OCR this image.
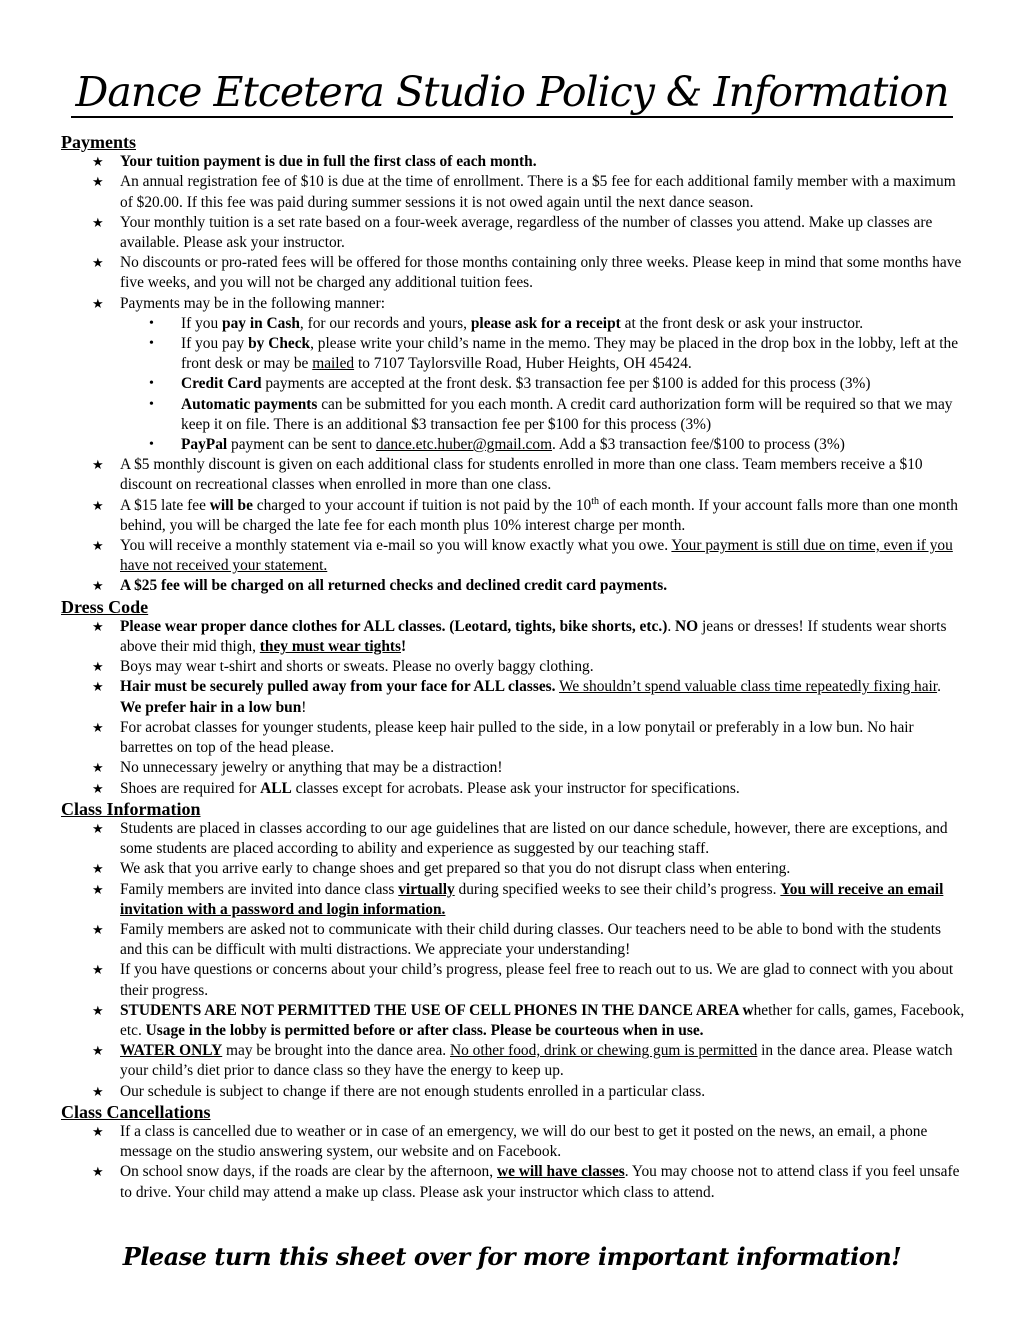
Dance Etcetera Studio Policy & Information
Payments
★ Your tuition payment is due in full the first class of each month.
★ An annual registration fee of $10 is due at the time of enrollment. There is a $5 fee for each additional family member with a maximum of $20.00. If this fee was paid during summer sessions it is not owed again until the next dance season.
★ Your monthly tuition is a set rate based on a four-week average, regardless of the number of classes you attend. Make up classes are available. Please ask your instructor.
★ No discounts or pro-rated fees will be offered for those months containing only three weeks. Please keep in mind that some months have five weeks, and you will not be charged any additional tuition fees.
★ Payments may be in the following manner:
• If you pay in Cash, for our records and yours, please ask for a receipt at the front desk or ask your instructor.
• If you pay by Check, please write your child’s name in the memo. They may be placed in the drop box in the lobby, left at the front desk or may be mailed to 7107 Taylorsville Road, Huber Heights, OH 45424.
• Credit Card payments are accepted at the front desk. $3 transaction fee per $100 is added for this process (3%)
• Automatic payments can be submitted for you each month. A credit card authorization form will be required so that we may keep it on file. There is an additional $3 transaction fee per $100 for this process (3%)
• PayPal payment can be sent to dance.etc.huber@gmail.com. Add a $3 transaction fee/$100 to process (3%)
★ A $5 monthly discount is given on each additional class for students enrolled in more than one class. Team members receive a $10 discount on recreational classes when enrolled in more than one class.
★ A $15 late fee will be charged to your account if tuition is not paid by the 10th of each month. If your account falls more than one month behind, you will be charged the late fee for each month plus 10% interest charge per month.
★ You will receive a monthly statement via e-mail so you will know exactly what you owe. Your payment is still due on time, even if you have not received your statement.
★ A $25 fee will be charged on all returned checks and declined credit card payments.
Dress Code
★ Please wear proper dance clothes for ALL classes. (Leotard, tights, bike shorts, etc.). NO jeans or dresses! If students wear shorts above their mid thigh, they must wear tights!
★ Boys may wear t-shirt and shorts or sweats. Please no overly baggy clothing.
★ Hair must be securely pulled away from your face for ALL classes. We shouldn’t spend valuable class time repeatedly fixing hair. We prefer hair in a low bun!
★ For acrobat classes for younger students, please keep hair pulled to the side, in a low ponytail or preferably in a low bun. No hair barrettes on top of the head please.
★ No unnecessary jewelry or anything that may be a distraction!
★ Shoes are required for ALL classes except for acrobats. Please ask your instructor for specifications.
Class Information
★ Students are placed in classes according to our age guidelines that are listed on our dance schedule, however, there are exceptions, and some students are placed according to ability and experience as suggested by our teaching staff.
★ We ask that you arrive early to change shoes and get prepared so that you do not disrupt class when entering.
★ Family members are invited into dance class virtually during specified weeks to see their child’s progress. You will receive an email invitation with a password and login information.
★ Family members are asked not to communicate with their child during classes. Our teachers need to be able to bond with the students and this can be difficult with multi distractions. We appreciate your understanding!
★ If you have questions or concerns about your child’s progress, please feel free to reach out to us. We are glad to connect with you about their progress.
★ STUDENTS ARE NOT PERMITTED THE USE OF CELL PHONES IN THE DANCE AREA whether for calls, games, Facebook, etc. Usage in the lobby is permitted before or after class. Please be courteous when in use.
★ WATER ONLY may be brought into the dance area. No other food, drink or chewing gum is permitted in the dance area. Please watch your child’s diet prior to dance class so they have the energy to keep up.
★ Our schedule is subject to change if there are not enough students enrolled in a particular class.
Class Cancellations
★ If a class is cancelled due to weather or in case of an emergency, we will do our best to get it posted on the news, an email, a phone message on the studio answering system, our website and on Facebook.
★ On school snow days, if the roads are clear by the afternoon, we will have classes. You may choose not to attend class if you feel unsafe to drive. Your child may attend a make up class. Please ask your instructor which class to attend.
Please turn this sheet over for more important information!
